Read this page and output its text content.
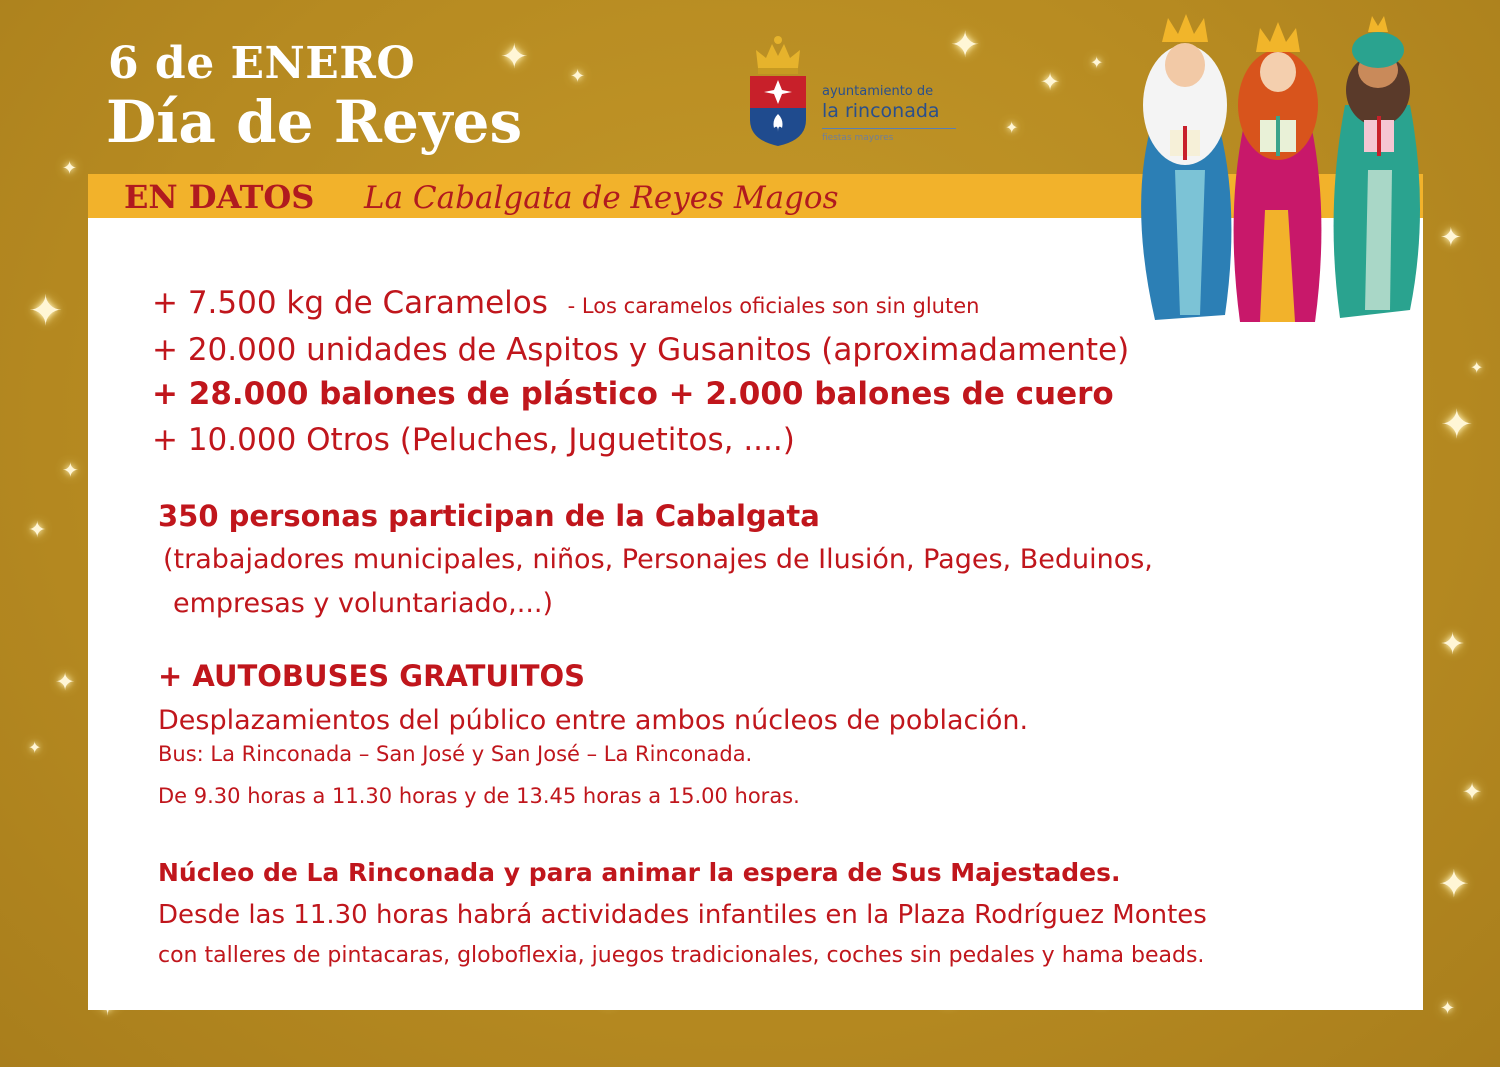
✦ ✦
✦
✦
✦
✦
✦
✦
✦
✦
✦
✦
✦
✦
✦
✦
✦
✦
✦
6 de ENERO
Día de Reyes	ayuntamiento de
la rinconada
fiestas mayores
EN DATOS La Cabalgata de Reyes Magos
+ 7.500 kg de Caramelos - Los caramelos oficiales son sin gluten
+ 20.000 unidades de Aspitos y Gusanitos (aproximadamente)
+ 28.000 balones de plástico + 2.000 balones de cuero
+ 10.000 Otros (Peluches, Juguetitos, ....)
350 personas participan de la Cabalgata
(trabajadores municipales, niños, Personajes de Ilusión, Pages, Beduinos,
empresas y voluntariado,...)
+ AUTOBUSES GRATUITOS
Desplazamientos del público entre ambos núcleos de población.
Bus: La Rinconada – San José y San José – La Rinconada.
De 9.30 horas a 11.30 horas y de 13.45 horas a 15.00 horas.
Núcleo de La Rinconada y para animar la espera de Sus Majestades.
Desde las 11.30 horas habrá actividades infantiles en la Plaza Rodríguez Montes
con talleres de pintacaras, globoflexia, juegos tradicionales, coches sin pedales y hama beads.
